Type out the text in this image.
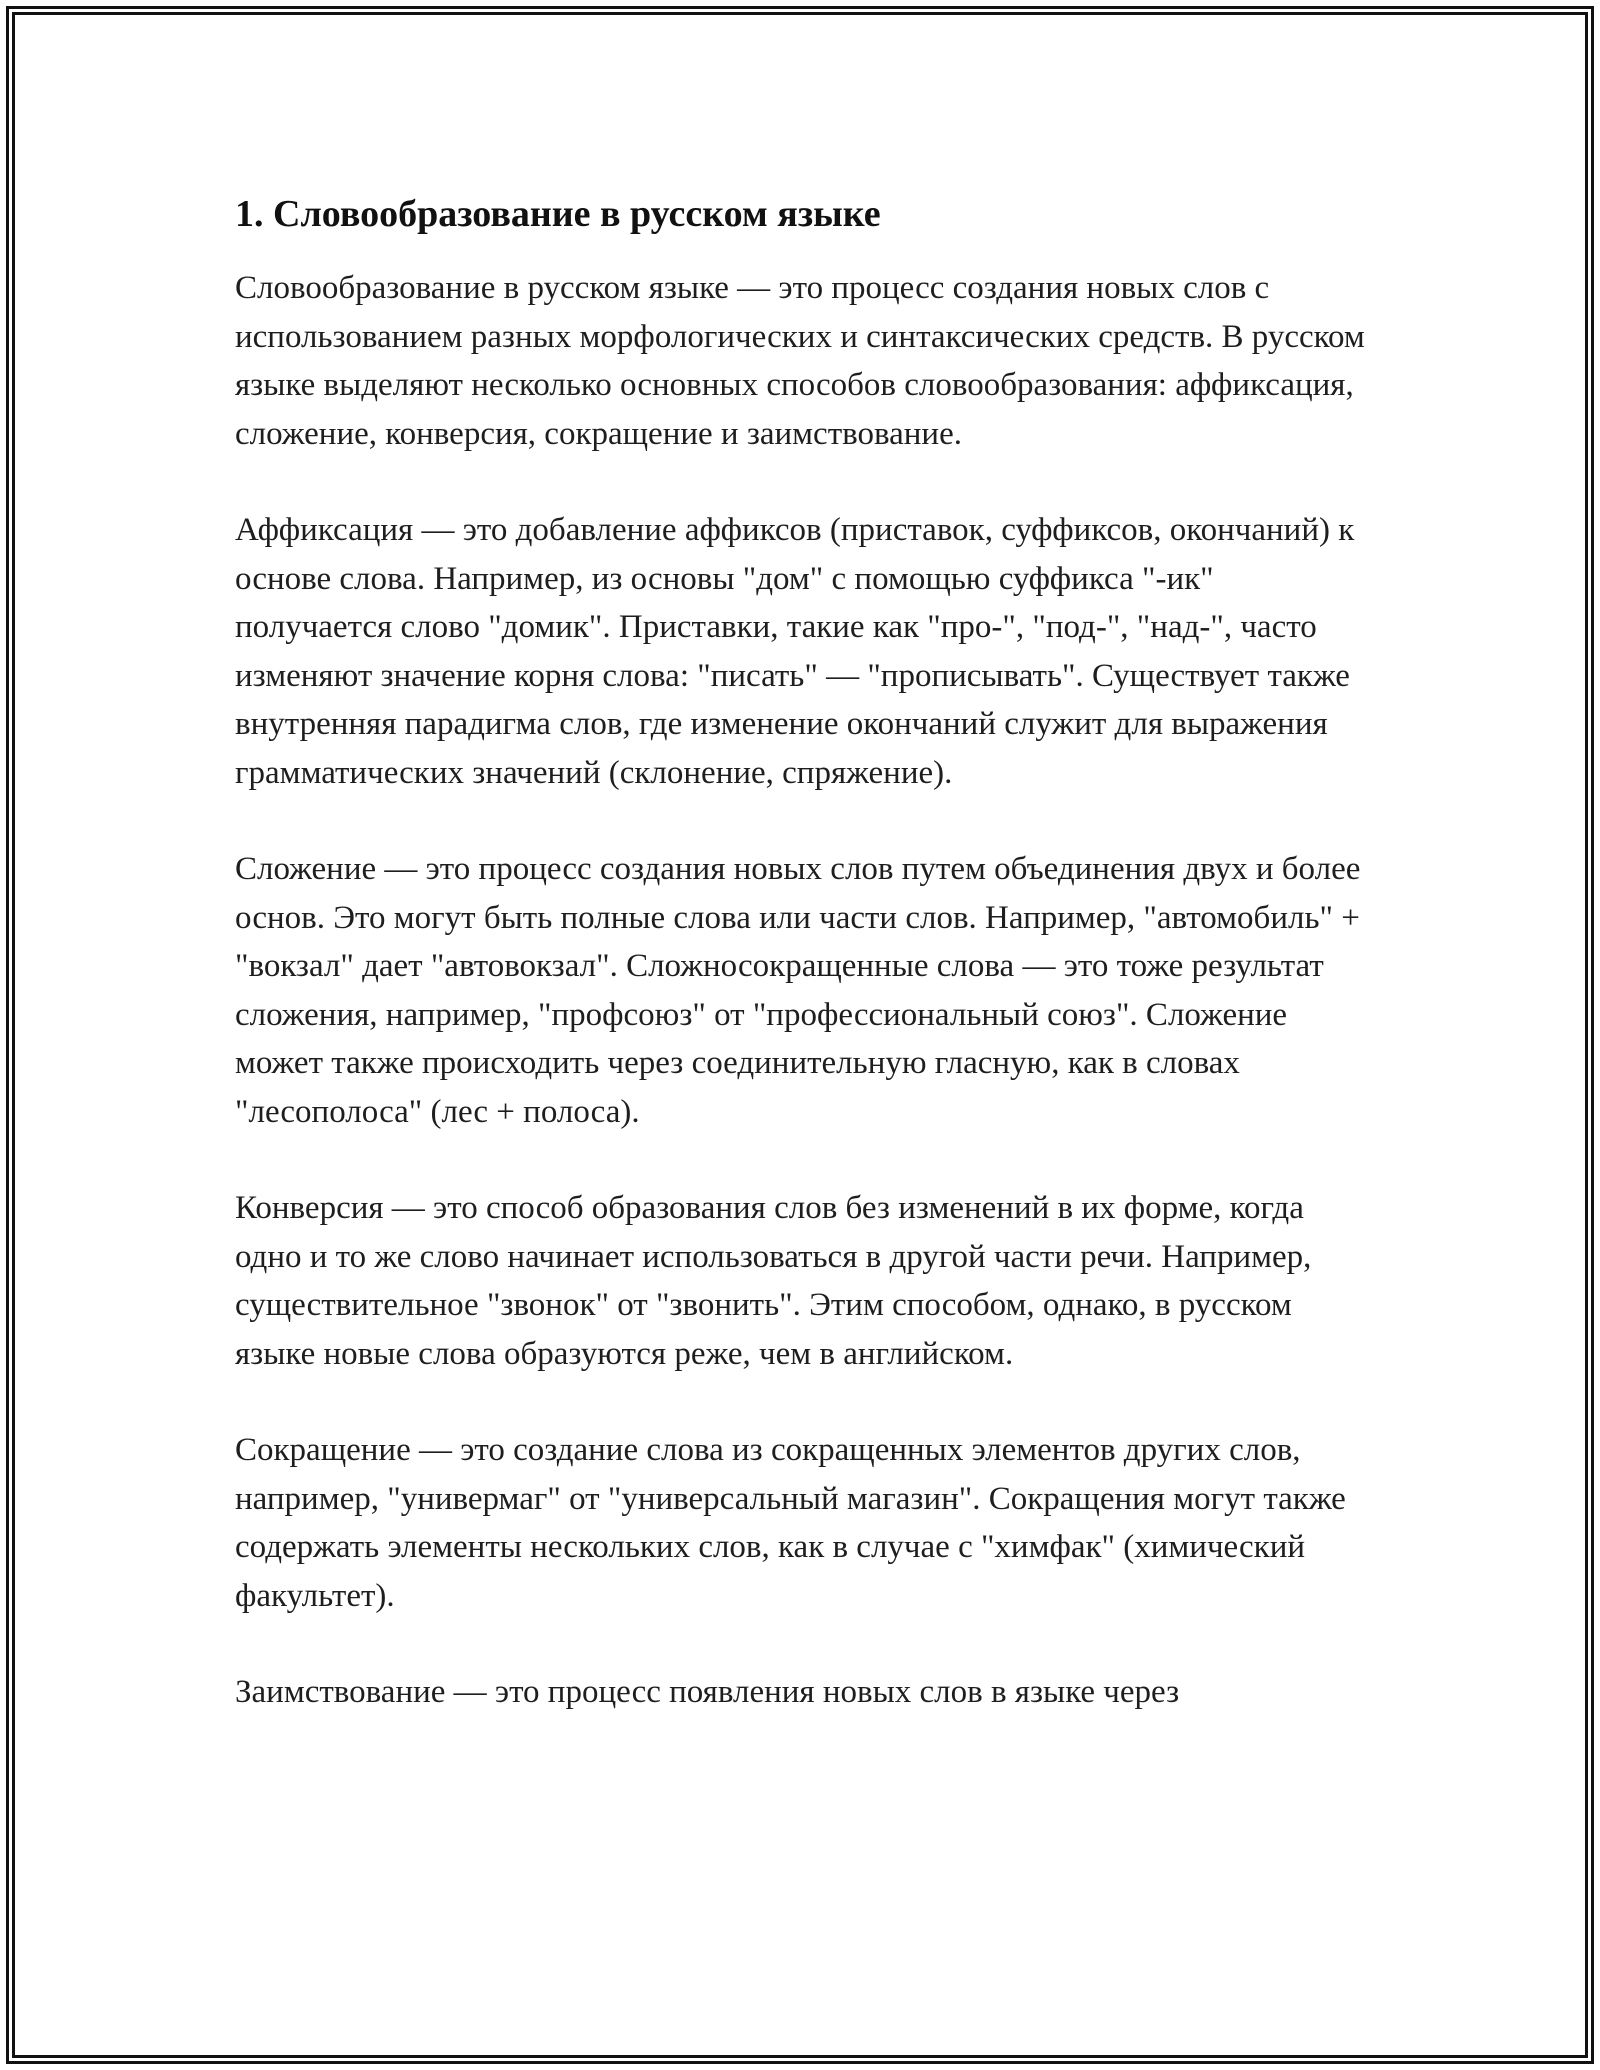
1. Словообразование в русском языке

Словообразование в русском языке — это процесс создания новых слов с использованием разных морфологических и синтаксических средств. В русском языке выделяют несколько основных способов словообразования: аффиксация, сложение, конверсия, сокращение и заимствование.

Аффиксация — это добавление аффиксов (приставок, суффиксов, окончаний) к основе слова. Например, из основы "дом" с помощью суффикса "-ик" получается слово "домик". Приставки, такие как "про-", "под-", "над-", часто изменяют значение корня слова: "писать" — "прописывать". Существует также внутренняя парадигма слов, где изменение окончаний служит для выражения грамматических значений (склонение, спряжение).

Сложение — это процесс создания новых слов путем объединения двух и более основ. Это могут быть полные слова или части слов. Например, "автомобиль" + "вокзал" дает "автовокзал". Сложносокращенные слова — это тоже результат сложения, например, "профсоюз" от "профессиональный союз". Сложение может также происходить через соединительную гласную, как в словах "лесополоса" (лес + полоса).

Конверсия — это способ образования слов без изменений в их форме, когда одно и то же слово начинает использоваться в другой части речи. Например, существительное "звонок" от "звонить". Этим способом, однако, в русском языке новые слова образуются реже, чем в английском.

Сокращение — это создание слова из сокращенных элементов других слов, например, "универмаг" от "универсальный магазин". Сокращения могут также содержать элементы нескольких слов, как в случае с "химфак" (химический факультет).

Заимствование — это процесс появления новых слов в языке через
